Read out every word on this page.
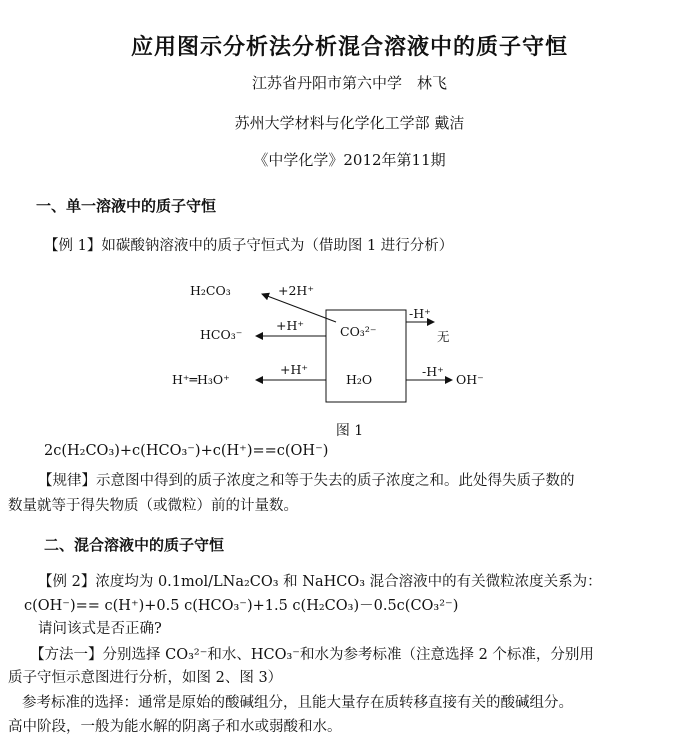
应用图示分析法分析混合溶液中的质子守恒
江苏省丹阳市第六中学　林飞
苏州大学材料与化学化工学部 戴洁
《中学化学》2012年第11期
一、单一溶液中的质子守恒
【例 1】如碳酸钠溶液中的质子守恒式为（借助图 1 进行分析）
H₂CO₃
HCO₃⁻
H⁺═H₃O⁺
CO₃²⁻
H₂O
+2H⁺
+H⁺
+H⁺
-H⁺
-H⁺
无
OH⁻
图 1
2c(H₂CO₃)+c(HCO₃⁻)+c(H⁺)==c(OH⁻)
【规律】示意图中得到的质子浓度之和等于失去的质子浓度之和。此处得失质子数的
数量就等于得失物质（或微粒）前的计量数。
二、混合溶液中的质子守恒
【例 2】浓度均为 0.1mol/LNa₂CO₃ 和 NaHCO₃ 混合溶液中的有关微粒浓度关系为：
c(OH⁻)== c(H⁺)+0.5 c(HCO₃⁻)+1.5 c(H₂CO₃)－0.5c(CO₃²⁻)
请问该式是否正确?
【方法一】分别选择 CO₃²⁻和水、HCO₃⁻和水为参考标准（注意选择 2 个标准，分别用
质子守恒示意图进行分析，如图 2、图 3）
参考标准的选择：通常是原始的酸碱组分，且能大量存在质转移直接有关的酸碱组分。
高中阶段，一般为能水解的阴离子和水或弱酸和水。
